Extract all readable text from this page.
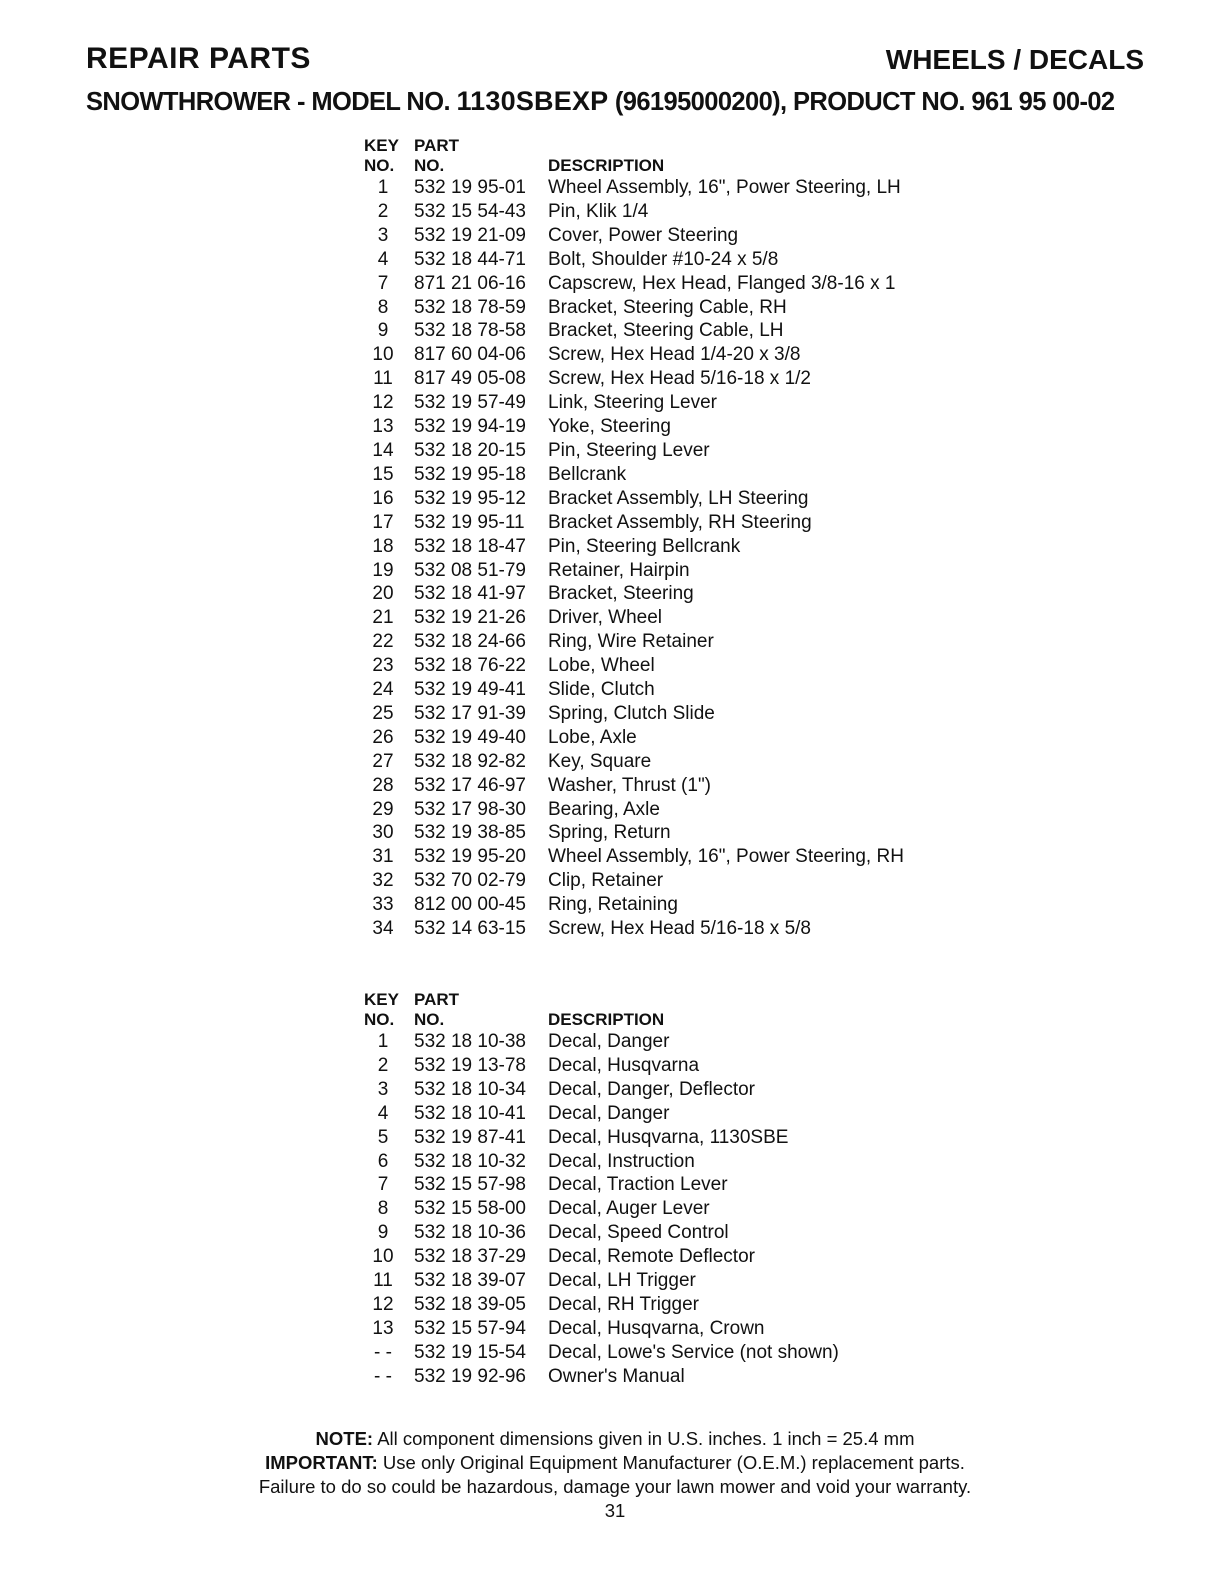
REPAIR PARTS	WHEELS / DECALS
SNOWTHROWER - MODEL NO. 1130SBEXP (96195000200), PRODUCT NO. 961 95 00-02
KEY	PART	
NO.	NO.	DESCRIPTION
1	532 19 95-01	Wheel Assembly, 16", Power Steering, LH
2	532 15 54-43	Pin, Klik 1/4
3	532 19 21-09	Cover, Power Steering
4	532 18 44-71	Bolt, Shoulder #10-24 x 5/8
7	871 21 06-16	Capscrew, Hex Head, Flanged 3/8-16 x 1
8	532 18 78-59	Bracket, Steering Cable, RH
9	532 18 78-58	Bracket, Steering Cable, LH
10	817 60 04-06	Screw, Hex Head 1/4-20 x 3/8
11	817 49 05-08	Screw, Hex Head 5/16-18 x 1/2
12	532 19 57-49	Link, Steering Lever
13	532 19 94-19	Yoke, Steering
14	532 18 20-15	Pin, Steering Lever
15	532 19 95-18	Bellcrank
16	532 19 95-12	Bracket Assembly, LH Steering
17	532 19 95-11	Bracket Assembly, RH Steering
18	532 18 18-47	Pin, Steering Bellcrank
19	532 08 51-79	Retainer, Hairpin
20	532 18 41-97	Bracket, Steering
21	532 19 21-26	Driver, Wheel
22	532 18 24-66	Ring, Wire Retainer
23	532 18 76-22	Lobe, Wheel
24	532 19 49-41	Slide, Clutch
25	532 17 91-39	Spring, Clutch Slide
26	532 19 49-40	Lobe, Axle
27	532 18 92-82	Key, Square
28	532 17 46-97	Washer, Thrust (1")
29	532 17 98-30	Bearing, Axle
30	532 19 38-85	Spring, Return
31	532 19 95-20	Wheel Assembly, 16", Power Steering, RH
32	532 70 02-79	Clip, Retainer
33	812 00 00-45	Ring, Retaining
34	532 14 63-15	Screw, Hex Head 5/16-18 x 5/8
KEY	PART	
NO.	NO.	DESCRIPTION
1	532 18 10-38	Decal, Danger
2	532 19 13-78	Decal, Husqvarna
3	532 18 10-34	Decal, Danger, Deflector
4	532 18 10-41	Decal, Danger
5	532 19 87-41	Decal, Husqvarna, 1130SBE
6	532 18 10-32	Decal, Instruction
7	532 15 57-98	Decal, Traction Lever
8	532 15 58-00	Decal, Auger Lever
9	532 18 10-36	Decal, Speed Control
10	532 18 37-29	Decal, Remote Deflector
11	532 18 39-07	Decal, LH Trigger
12	532 18 39-05	Decal, RH Trigger
13	532 15 57-94	Decal, Husqvarna, Crown
- -	532 19 15-54	Decal, Lowe's Service (not shown)
- -	532 19 92-96	Owner's Manual
NOTE: All component dimensions given in U.S. inches. 1 inch = 25.4 mm
IMPORTANT: Use only Original Equipment Manufacturer (O.E.M.) replacement parts.
Failure to do so could be hazardous, damage your lawn mower and void your warranty.
31
